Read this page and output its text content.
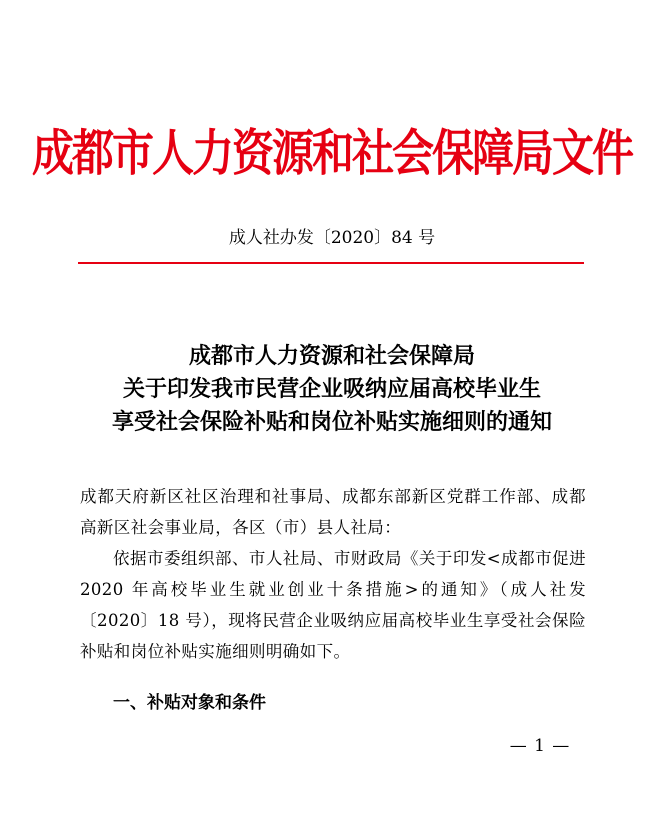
成都市人力资源和社会保障局文件
成人社办发〔2020〕84 号
成都市人力资源和社会保障局
关于印发我市民营企业吸纳应届高校毕业生
享受社会保险补贴和岗位补贴实施细则的通知
成都天府新区社区治理和社事局、成都东部新区党群工作部、成都高新区社会事业局，各区（市）县人社局：
依据市委组织部、市人社局、市财政局《关于印发<成都市促进 2020 年高校毕业生就业创业十条措施>的通知》（成人社发〔2020〕18 号），现将民营企业吸纳应届高校毕业生享受社会保险补贴和岗位补贴实施细则明确如下。
一、补贴对象和条件
— 1 —
